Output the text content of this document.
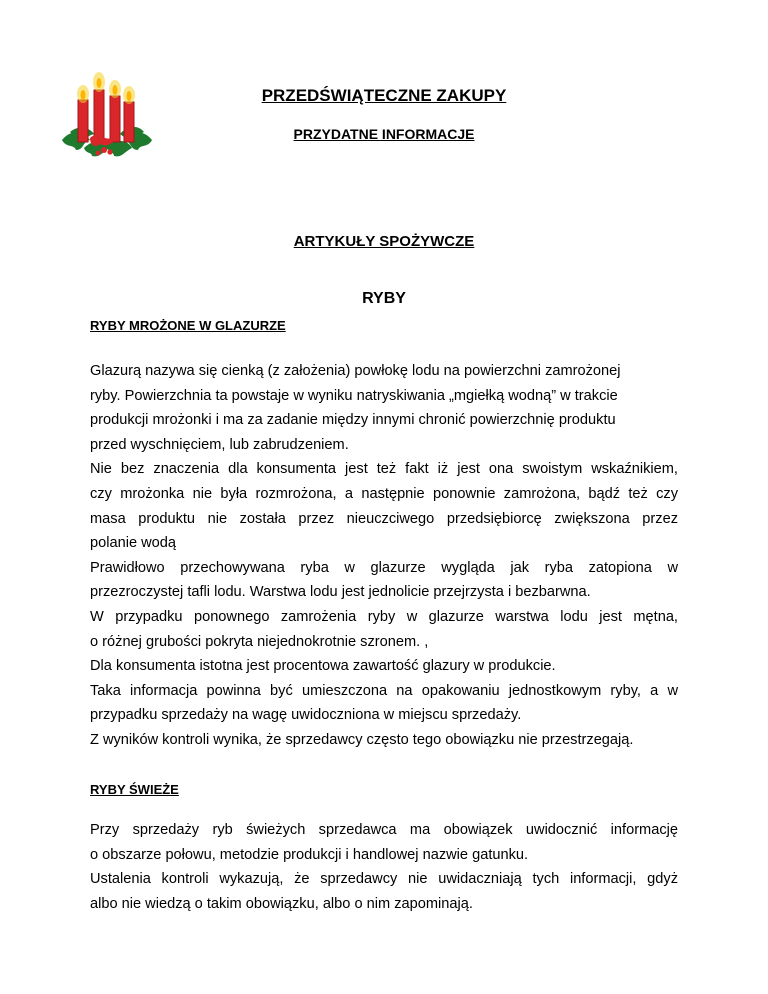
PRZEDŚWIĄTECZNE ZAKUPY
PRZYDATNE INFORMACJE
ARTYKUŁY SPOŻYWCZE
RYBY
RYBY MROŻONE W GLAZURZE
Glazurą nazywa się cienką (z założenia) powłokę lodu na powierzchni zamrożonej
ryby. Powierzchnia ta powstaje w wyniku natryskiwania „mgiełką wodną” w trakcie
produkcji mrożonki i ma za zadanie między innymi chronić powierzchnię produktu
przed wyschnięciem, lub zabrudzeniem.
Nie bez znaczenia dla konsumenta jest też fakt iż jest ona swoistym wskaźnikiem,
czy mrożonka nie była rozmrożona, a następnie ponownie zamrożona, bądź też czy
masa produktu nie została przez nieuczciwego przedsiębiorcę zwiększona przez
polanie wodą
Prawidłowo przechowywana ryba w glazurze wygląda jak ryba zatopiona w
przezroczystej tafli lodu. Warstwa lodu jest jednolicie przejrzysta i bezbarwna.
W przypadku ponownego zamrożenia ryby w glazurze warstwa lodu jest mętna,
o różnej grubości pokryta niejednokrotnie szronem. ,
Dla konsumenta istotna jest procentowa zawartość glazury w produkcie.
Taka informacja powinna być umieszczona na opakowaniu jednostkowym ryby, a w
przypadku sprzedaży na wagę uwidoczniona w miejscu sprzedaży.
Z wyników kontroli wynika, że sprzedawcy często tego obowiązku nie przestrzegają.
RYBY ŚWIEŻE
Przy sprzedaży ryb świeżych sprzedawca ma obowiązek uwidocznić informację
o obszarze połowu, metodzie produkcji i handlowej nazwie gatunku.
Ustalenia kontroli wykazują, że sprzedawcy nie uwidaczniają tych informacji, gdyż
albo nie wiedzą o takim obowiązku, albo o nim zapominają.
